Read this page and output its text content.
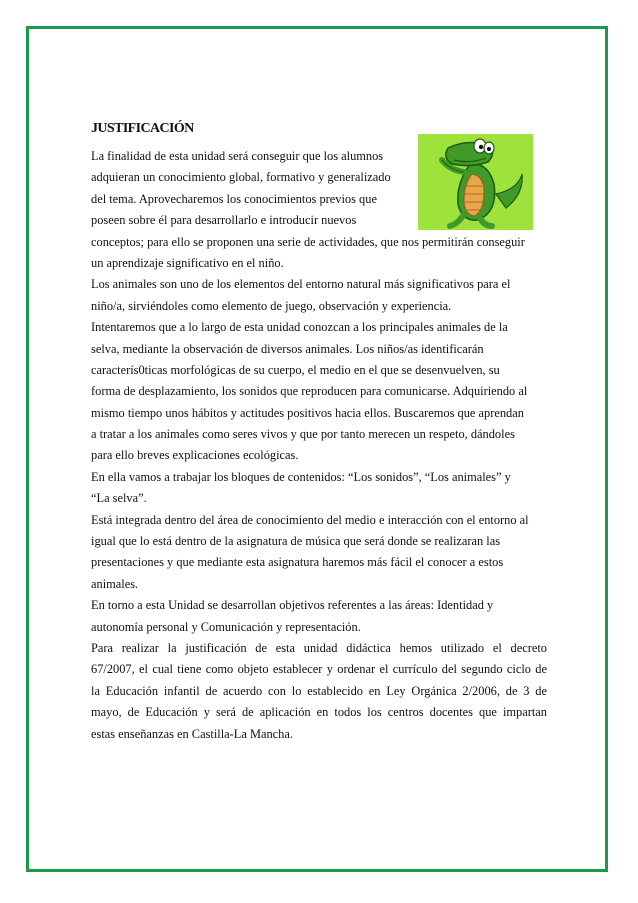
JUSTIFICACIÓN
La finalidad de esta unidad será conseguir que los alumnos
adquieran un conocimiento global, formativo y generalizado
del tema. Aprovecharemos los conocimientos previos que
poseen sobre él para desarrollarlo e introducir nuevos
conceptos; para ello se proponen una serie de actividades, que nos permitirán conseguir
un aprendizaje significativo en el niño.
Los animales son uno de los elementos del entorno natural más significativos para el
niño/a, sirviéndoles como elemento de juego, observación y experiencia.
Intentaremos que a lo largo de esta unidad conozcan a los principales animales de la
selva, mediante la observación de diversos animales. Los niños/as identificarán
caracterís0ticas morfológicas de su cuerpo, el medio en el que se desenvuelven, su
forma de desplazamiento, los sonidos que reproducen para comunicarse. Adquiriendo al
mismo tiempo unos hábitos y actitudes positivos hacia ellos. Buscaremos que aprendan
a tratar a los animales como seres vivos y que por tanto merecen un respeto, dándoles
para ello breves explicaciones ecológicas.
En ella vamos a trabajar los bloques de contenidos: “Los sonidos”, “Los animales” y
“La selva”.
Está integrada dentro del área de conocimiento del medio e interacción con el entorno al
igual que lo está dentro de la asignatura de música que será donde se realizaran las
presentaciones y que mediante esta asignatura haremos más fácil el conocer a estos
animales.
En torno a esta Unidad se desarrollan objetivos referentes a las áreas: Identidad y
autonomía personal y Comunicación y representación.
Para realizar la justificación de esta unidad didáctica hemos utilizado el decreto
67/2007, el cual tiene como objeto establecer y ordenar el currículo del segundo ciclo de
la Educación infantil de acuerdo con lo establecido en Ley Orgánica 2/2006, de 3 de
mayo, de Educación y será de aplicación en todos los centros docentes que impartan
estas enseñanzas en Castilla-La Mancha.
